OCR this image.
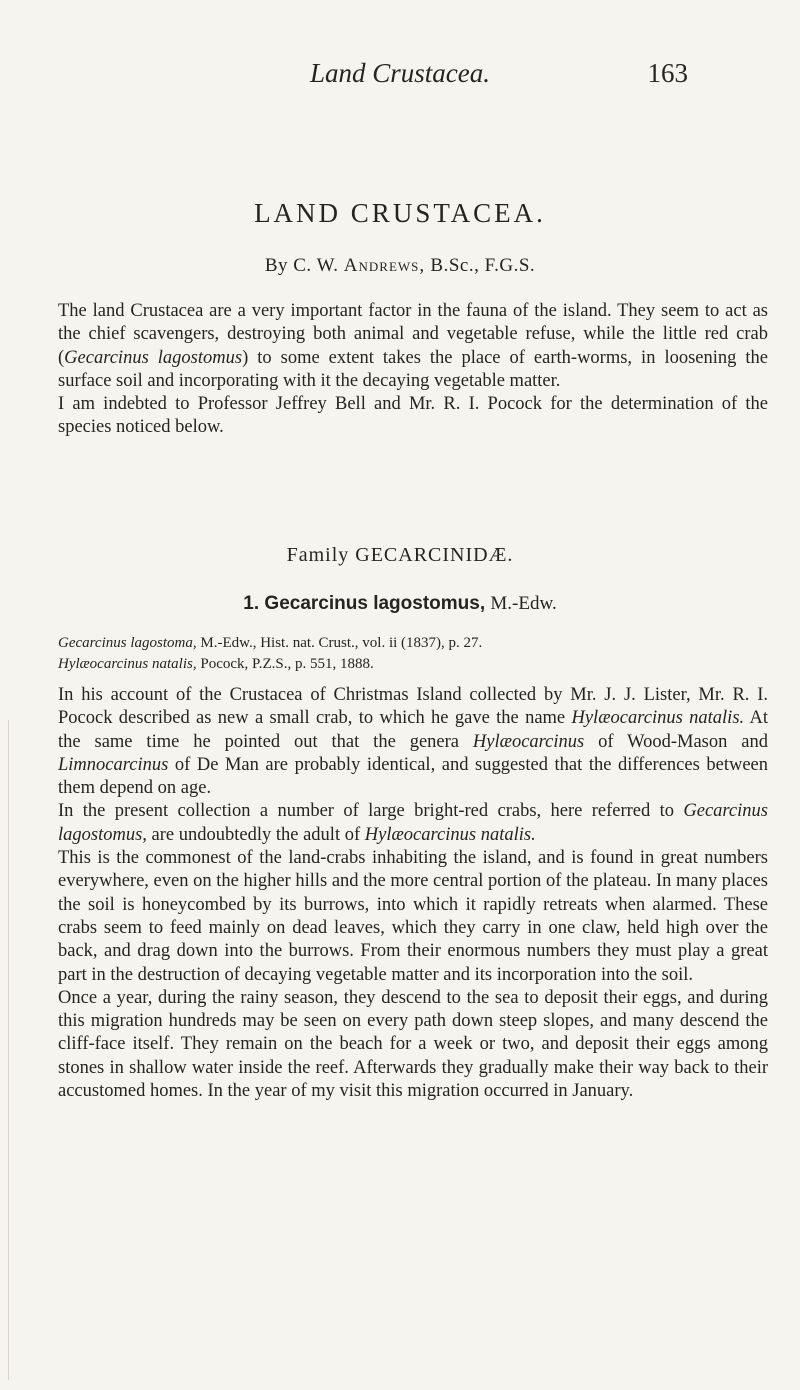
Land Crustacea.	163
LAND CRUSTACEA.
By C. W. Andrews, B.Sc., F.G.S.

The land Crustacea are a very important factor in the fauna of the island. They seem to act as the chief scavengers, destroying both animal and vegetable refuse, while the little red crab (Gecarcinus lagostomus) to some extent takes the place of earth-worms, in loosening the surface soil and incorporating with it the decaying vegetable matter.

I am indebted to Professor Jeffrey Bell and Mr. R. I. Pocock for the determination of the species noticed below.

Family GECARCINIDÆ.
1. Gecarcinus lagostomus, M.-Edw.
Gecarcinus lagostoma, M.-Edw., Hist. nat. Crust., vol. ii (1837), p. 27.
Hylæocarcinus natalis, Pocock, P.Z.S., p. 551, 1888.

In his account of the Crustacea of Christmas Island collected by Mr. J. J. Lister, Mr. R. I. Pocock described as new a small crab, to which he gave the name Hylæocarcinus natalis. At the same time he pointed out that the genera Hylæocarcinus of Wood-Mason and Limnocarcinus of De Man are probably identical, and suggested that the differences between them depend on age.

In the present collection a number of large bright-red crabs, here referred to Gecarcinus lagostomus, are undoubtedly the adult of Hylæocarcinus natalis.

This is the commonest of the land-crabs inhabiting the island, and is found in great numbers everywhere, even on the higher hills and the more central portion of the plateau. In many places the soil is honeycombed by its burrows, into which it rapidly retreats when alarmed. These crabs seem to feed mainly on dead leaves, which they carry in one claw, held high over the back, and drag down into the burrows. From their enormous numbers they must play a great part in the destruction of decaying vegetable matter and its incorporation into the soil.

Once a year, during the rainy season, they descend to the sea to deposit their eggs, and during this migration hundreds may be seen on every path down steep slopes, and many descend the cliff-face itself. They remain on the beach for a week or two, and deposit their eggs among stones in shallow water inside the reef. Afterwards they gradually make their way back to their accustomed homes. In the year of my visit this migration occurred in January.
